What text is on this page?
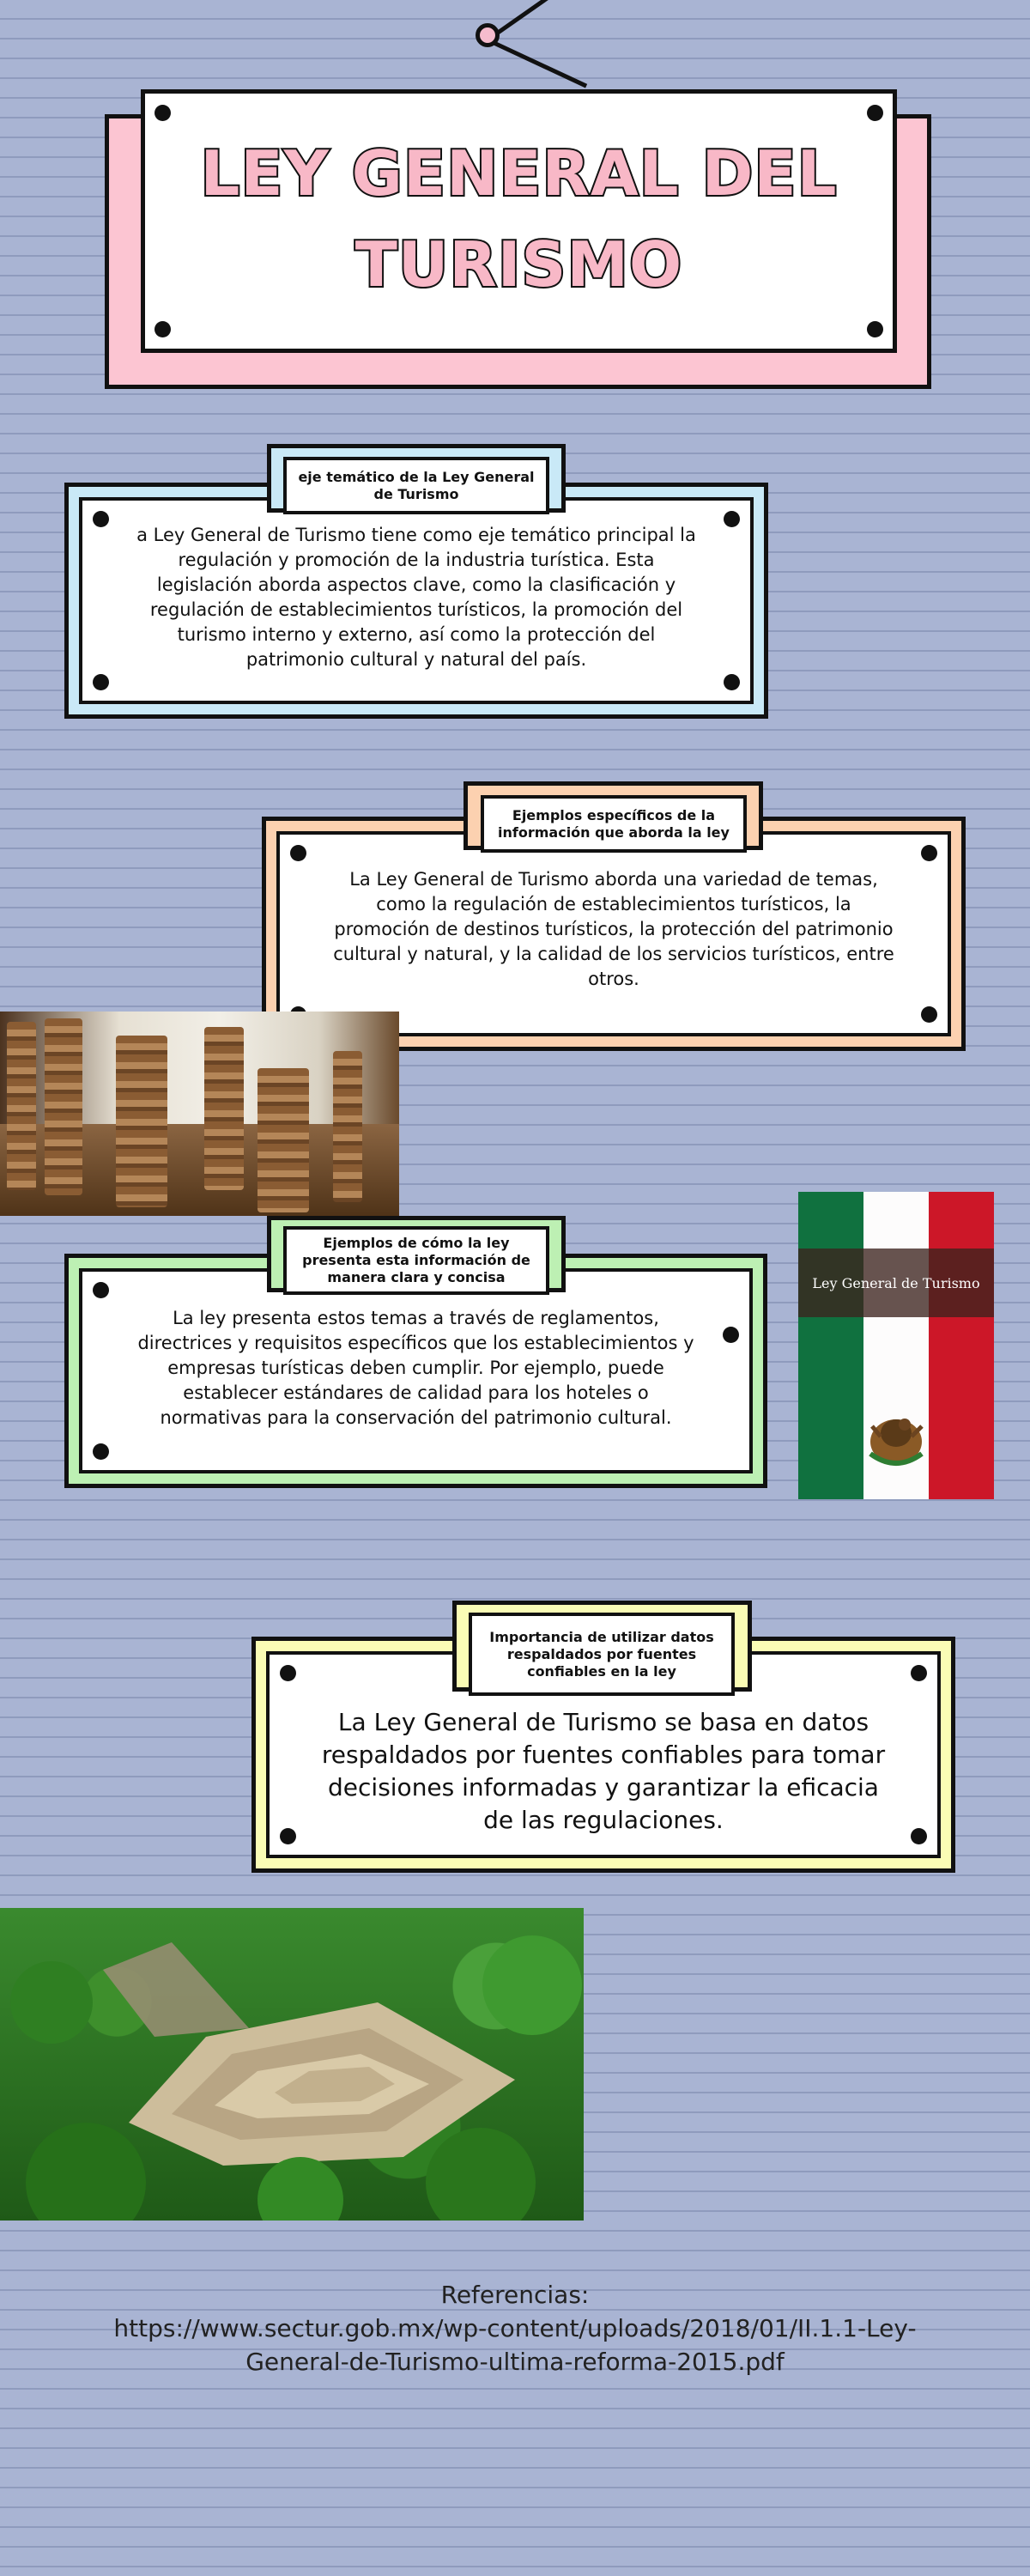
LEY GENERAL DEL TURISMO
a Ley General de Turismo tiene como eje temático principal la regulación y promoción de la industria turística. Esta legislación aborda aspectos clave, como la clasificación y regulación de establecimientos turísticos, la promoción del turismo interno y externo, así como la protección del patrimonio cultural y natural del país.
eje temático de la Ley General de Turismo
La Ley General de Turismo aborda una variedad de temas, como la regulación de establecimientos turísticos, la promoción de destinos turísticos, la protección del patrimonio cultural y natural, y la calidad de los servicios turísticos, entre otros.
Ejemplos específicos de la información que aborda la ley
La ley presenta estos temas a través de reglamentos, directrices y requisitos específicos que los establecimientos y empresas turísticas deben cumplir. Por ejemplo, puede establecer estándares de calidad para los hoteles o normativas para la conservación del patrimonio cultural.
Ejemplos de cómo la ley presenta esta información de manera clara y concisa	Ley General de Turismo
La Ley General de Turismo se basa en datos respaldados por fuentes confiables para tomar decisiones informadas y garantizar la eficacia de las regulaciones.
Importancia de utilizar datos respaldados por fuentes confiables en la ley
Referencias:
https://www.sectur.gob.mx/wp-content/uploads/2018/01/II.1.1-Ley-General-de-Turismo-ultima-reforma-2015.pdf
